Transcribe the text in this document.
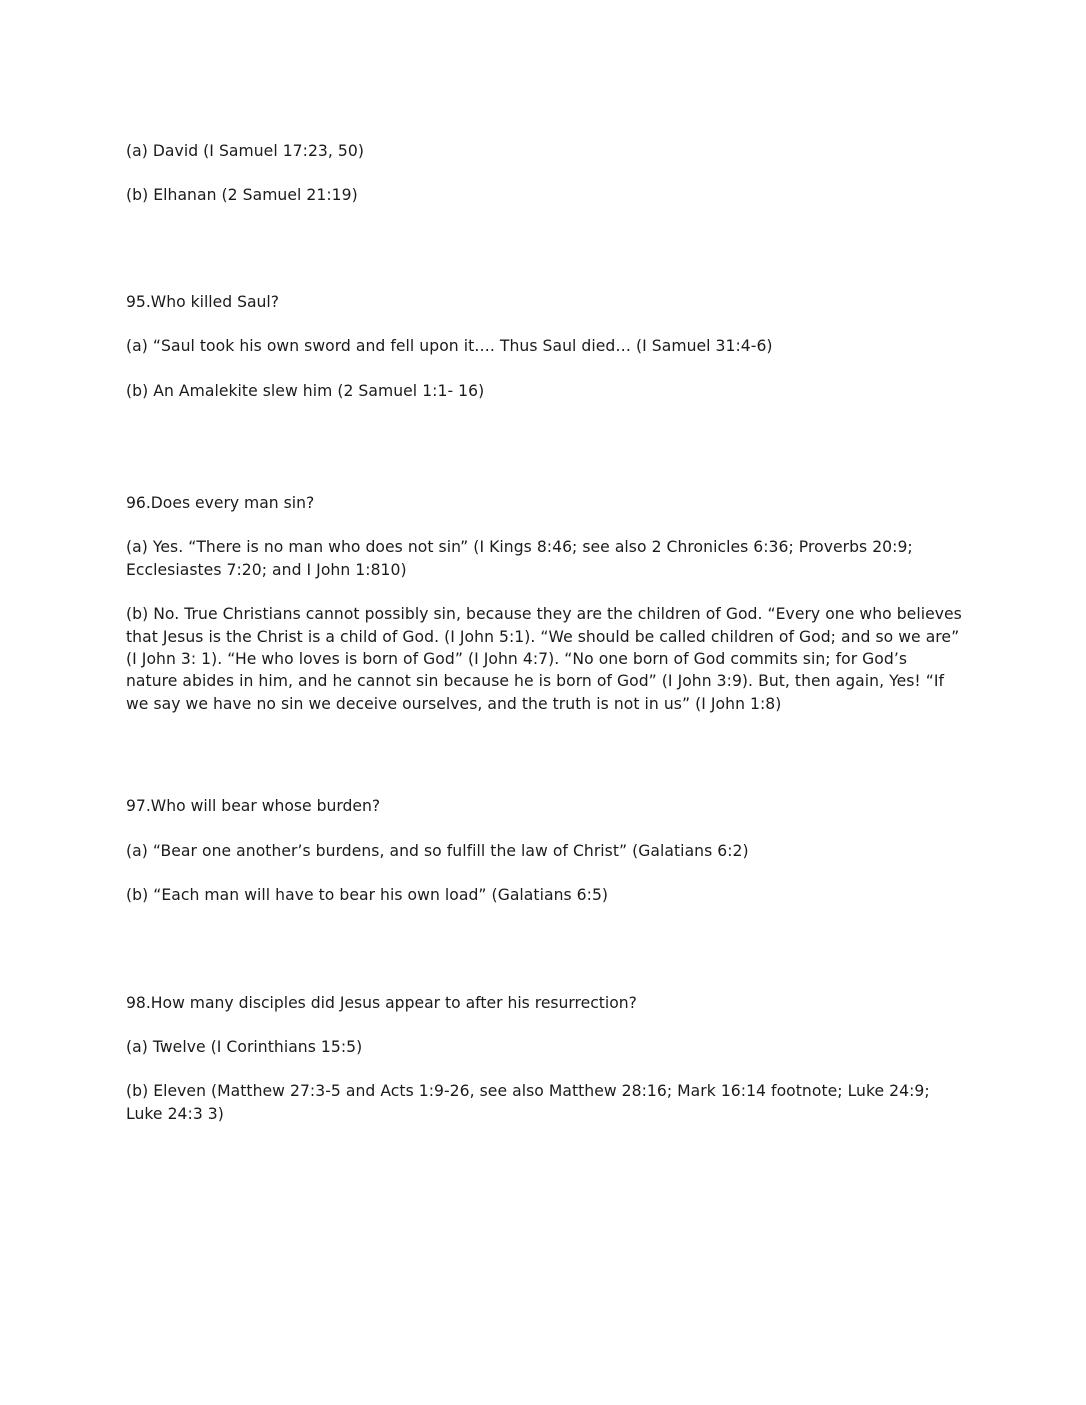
(a) David (I Samuel 17:23, 50)

(b) Elhanan (2 Samuel 21:19)

95.Who killed Saul?

(a) “Saul took his own sword and fell upon it…. Thus Saul died… (I Samuel 31:4-6)

(b) An Amalekite slew him (2 Samuel 1:1- 16)

96.Does every man sin?

(a) Yes. “There is no man who does not sin” (I Kings 8:46; see also 2 Chronicles 6:36; Proverbs 20:9; Ecclesiastes 7:20; and I John 1:810)

(b) No. True Christians cannot possibly sin, because they are the children of God. “Every one who believes that Jesus is the Christ is a child of God. (I John 5:1). “We should be called children of God; and so we are” (I John 3: 1). “He who loves is born of God” (I John 4:7). “No one born of God commits sin; for God’s nature abides in him, and he cannot sin because he is born of God” (I John 3:9). But, then again, Yes! “If we say we have no sin we deceive ourselves, and the truth is not in us” (I John 1:8)

97.Who will bear whose burden?

(a) “Bear one another’s burdens, and so fulfill the law of Christ” (Galatians 6:2)

(b) “Each man will have to bear his own load” (Galatians 6:5)

98.How many disciples did Jesus appear to after his resurrection?

(a) Twelve (I Corinthians 15:5)

(b) Eleven (Matthew 27:3-5 and Acts 1:9-26, see also Matthew 28:16; Mark 16:14 footnote; Luke 24:9; Luke 24:3 3)
